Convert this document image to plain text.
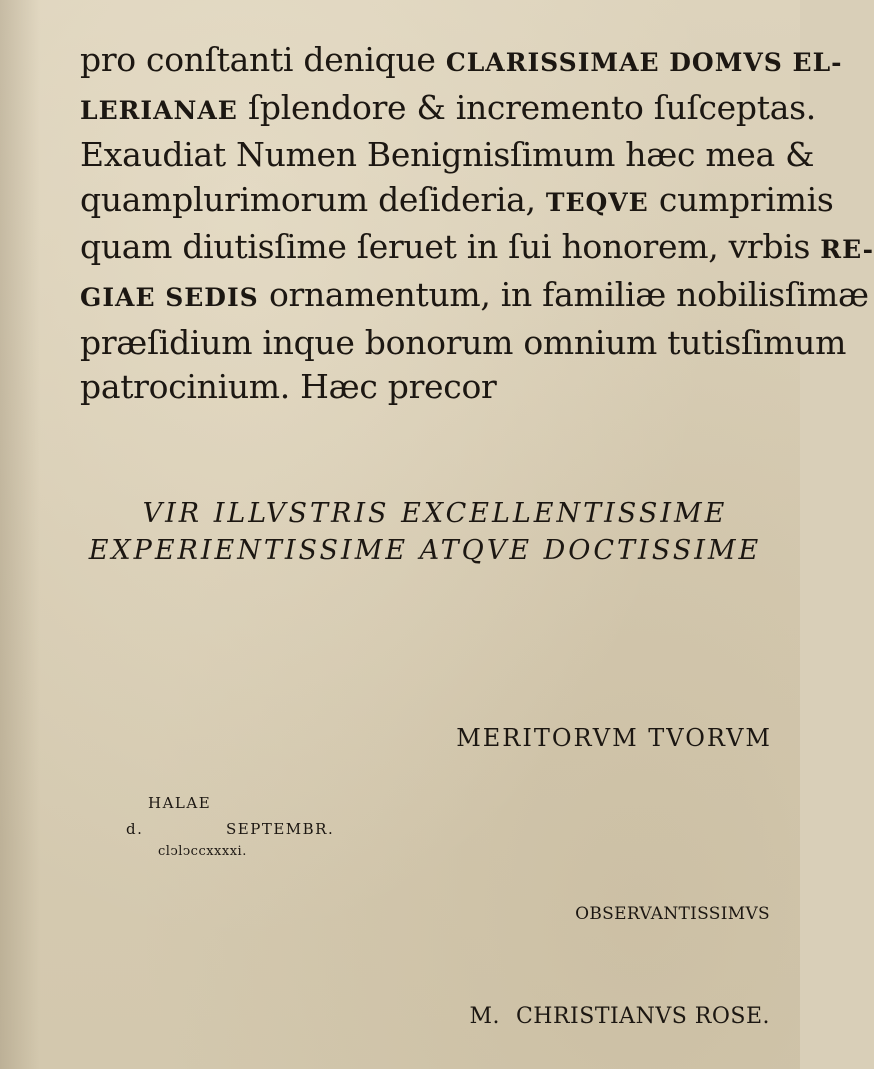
pro conſtanti denique CLARISSIMAE DOMVS EL-
LERIANAE ſplendore & incremento ſuſceptas.
Exaudiat Numen Benignisſimum hæc mea &
quamplurimorum deſideria, TEQVE cumprimis
quam diutisſime ſeruet in ſui honorem, vrbis RE-
GIAE SEDIS ornamentum, in familiæ nobilisſimæ
præſidium inque bonorum omnium tutisſimum
patrocinium. Hæc precor
VIR ILLVSTRIS EXCELLENTISSIME
EXPERIENTISSIME ATQVE DOCTISSIME
MERITORVM TVORVM
HALAE
d.	SEPTEMBR.
clↄlↄccxxxxi.
OBSERVANTISSIMVS
M. CHRISTIANVS ROSE.
